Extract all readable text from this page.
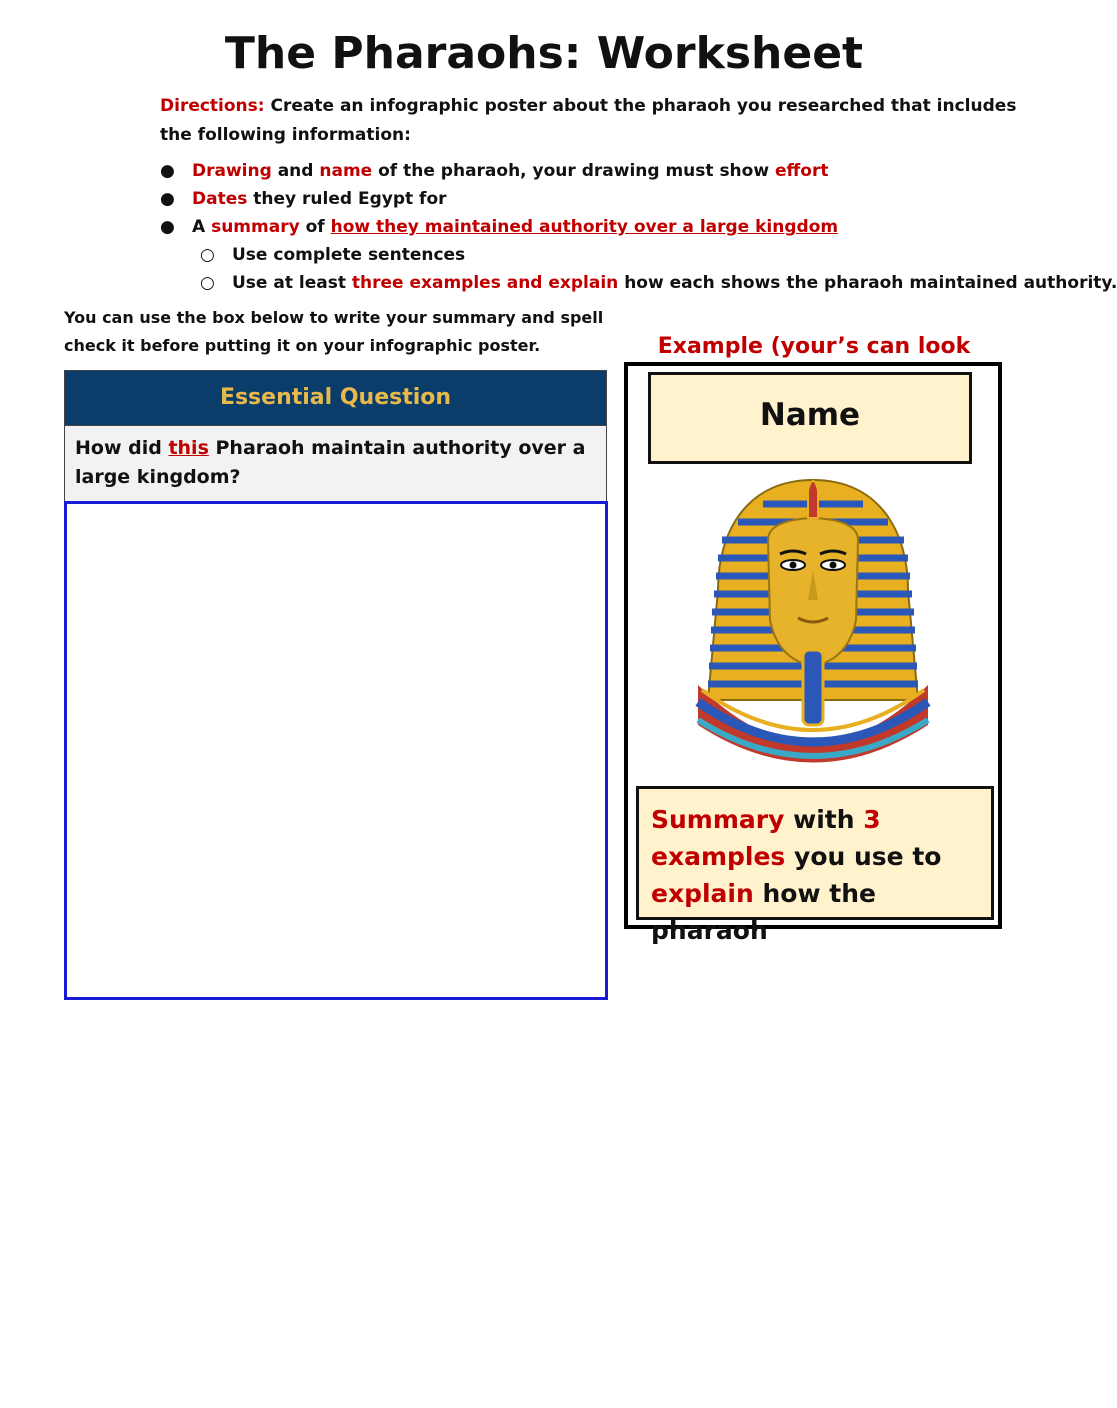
The Pharaohs: Worksheet
Directions: Create an infographic poster about the pharaoh you researched that includes the following information:
● Drawing and name of the pharaoh, your drawing must show effort
● Dates they ruled Egypt for
● A summary of how they maintained authority over a large kingdom
○ Use complete sentences
○ Use at least three examples and explain how each shows the pharaoh maintained authority.
You can use the box below to write your summary and spell check it before putting it on your infographic poster.
Essential Question
How did this Pharaoh maintain authority over a large kingdom?
Example (your’s can look
Name
Summary with 3 examples you use to explain how the pharaoh
